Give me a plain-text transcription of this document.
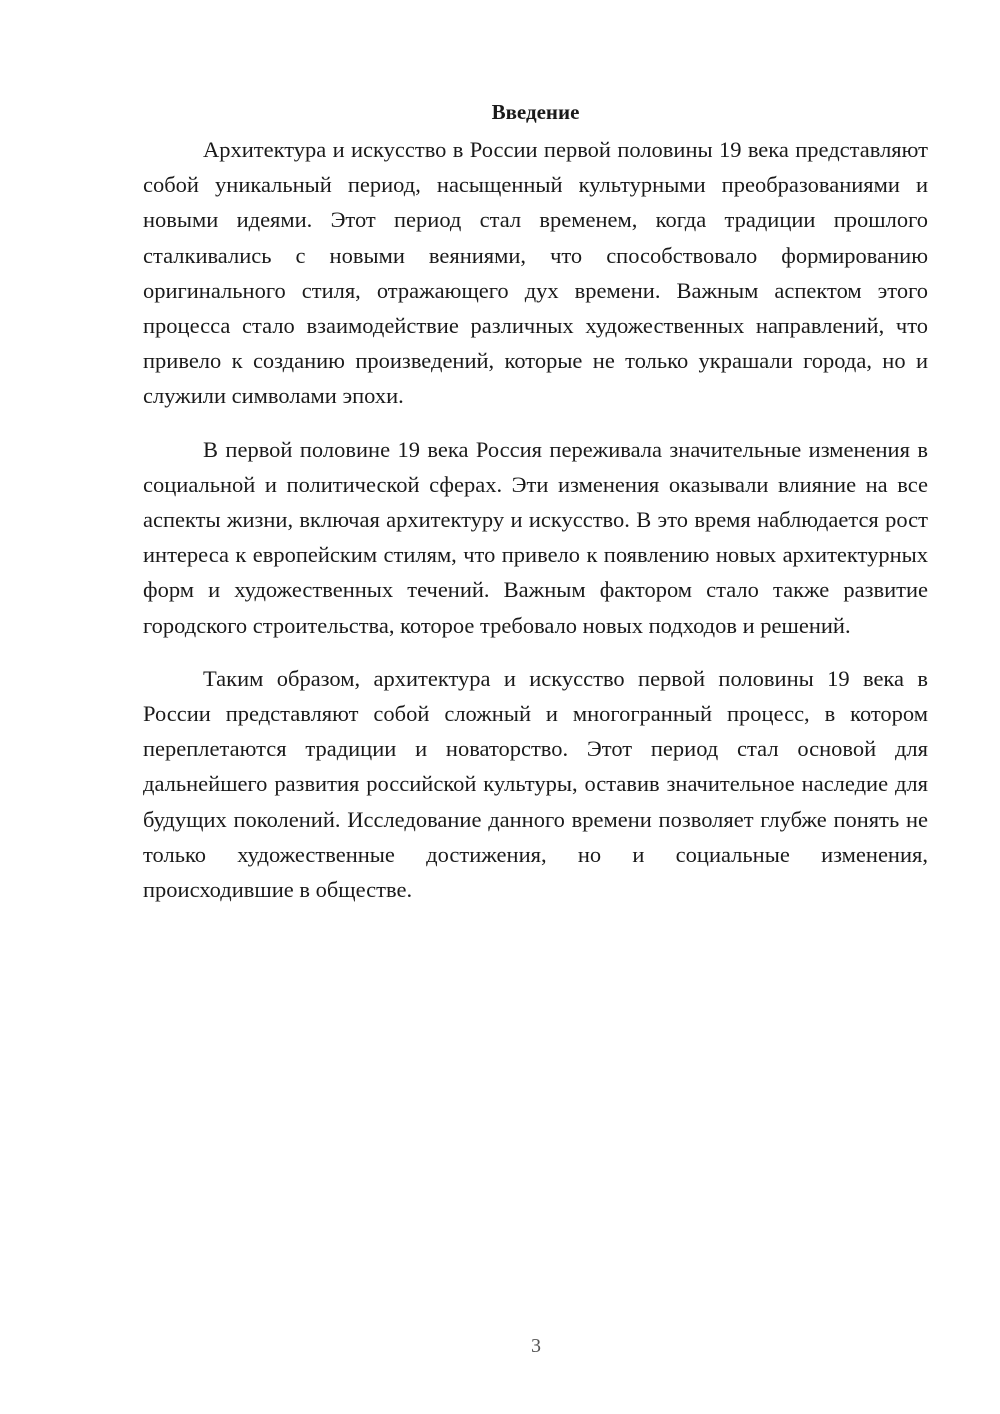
Введение

Архитектура и искусство в России первой половины 19 века представляют собой уникальный период, насыщенный культурными преобразованиями и новыми идеями. Этот период стал временем, когда традиции прошлого сталкивались с новыми веяниями, что способствовало формированию оригинального стиля, отражающего дух времени. Важным аспектом этого процесса стало взаимодействие различных художественных направлений, что привело к созданию произведений, которые не только украшали города, но и служили символами эпохи.

В первой половине 19 века Россия переживала значительные изменения в социальной и политической сферах. Эти изменения оказывали влияние на все аспекты жизни, включая архитектуру и искусство. В это время наблюдается рост интереса к европейским стилям, что привело к появлению новых архитектурных форм и художественных течений. Важным фактором стало также развитие городского строительства, которое требовало новых подходов и решений.

Таким образом, архитектура и искусство первой половины 19 века в России представляют собой сложный и многогранный процесс, в котором переплетаются традиции и новаторство. Этот период стал основой для дальнейшего развития российской культуры, оставив значительное наследие для будущих поколений. Исследование данного времени позволяет глубже понять не только художественные достижения, но и социальные изменения, происходившие в обществе.

3
